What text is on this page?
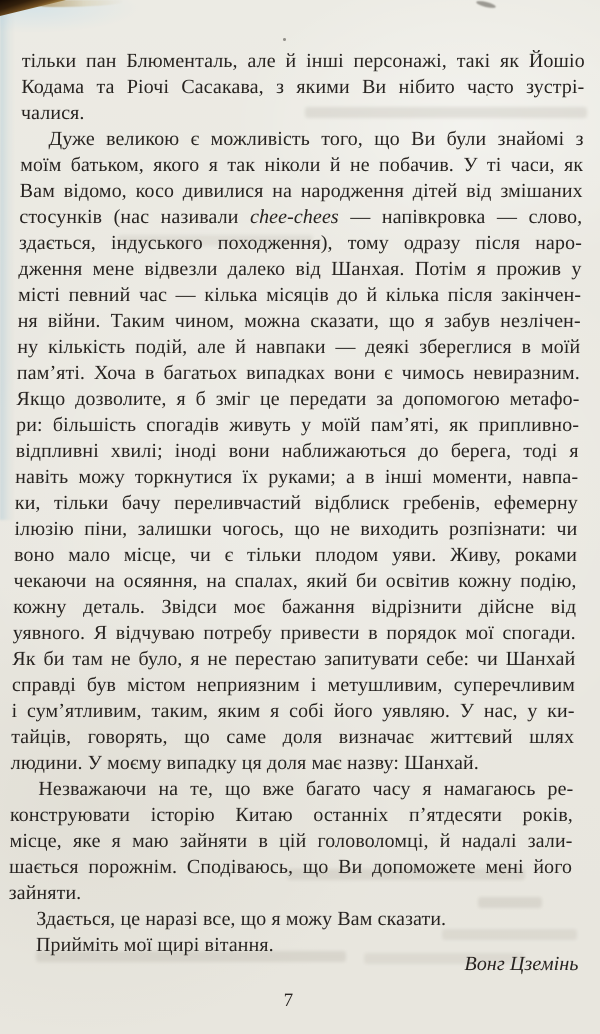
тільки пан Блюменталь, але й інші персонажі, такі як Йошіо
Кодама та Ріочі Сасакава, з якими Ви нібито часто зустрі-
чалися.
Дуже великою є можливість того, що Ви були знайомі з
моїм батьком, якого я так ніколи й не побачив. У ті часи, як
Вам відомо, косо дивилися на народження дітей від змішаних
стосунків (нас називали chee-chees — напівкровка — слово,
здається, індуського походження), тому одразу після наро-
дження мене відвезли далеко від Шанхая. Потім я прожив у
місті певний час — кілька місяців до й кілька після закінчен-
ня війни. Таким чином, можна сказати, що я забув незлічен-
ну кількість подій, але й навпаки — деякі збереглися в моїй
пам’яті. Хоча в багатьох випадках вони є чимось невиразним.
Якщо дозволите, я б зміг це передати за допомогою метафо-
ри: більшість спогадів живуть у моїй пам’яті, як припливно-
відпливні хвилі; іноді вони наближаються до берега, тоді я
навіть можу торкнутися їх руками; а в інші моменти, навпа-
ки, тільки бачу переливчастий відблиск гребенів, ефемерну
ілюзію піни, залишки чогось, що не виходить розпізнати: чи
воно мало місце, чи є тільки плодом уяви. Живу, роками
чекаючи на осяяння, на спалах, який би освітив кожну подію,
кожну деталь. Звідси моє бажання відрізнити дійсне від
уявного. Я відчуваю потребу привести в порядок мої спогади.
Як би там не було, я не перестаю запитувати себе: чи Шанхай
справді був містом неприязним і метушливим, суперечливим
і сум’ятливим, таким, яким я собі його уявляю. У нас, у ки-
тайців, говорять, що саме доля визначає життєвий шлях
людини. У моєму випадку ця доля має назву: Шанхай.
Незважаючи на те, що вже багато часу я намагаюсь ре-
конструювати історію Китаю останніх п’ятдесяти років,
місце, яке я маю зайняти в цій головоломці, й надалі зали-
шається порожнім. Сподіваюсь, що Ви допоможете мені його
зайняти.
Здається, це наразі все, що я можу Вам сказати.
Прийміть мої щирі вітання.
Вонг Цземінь
7
